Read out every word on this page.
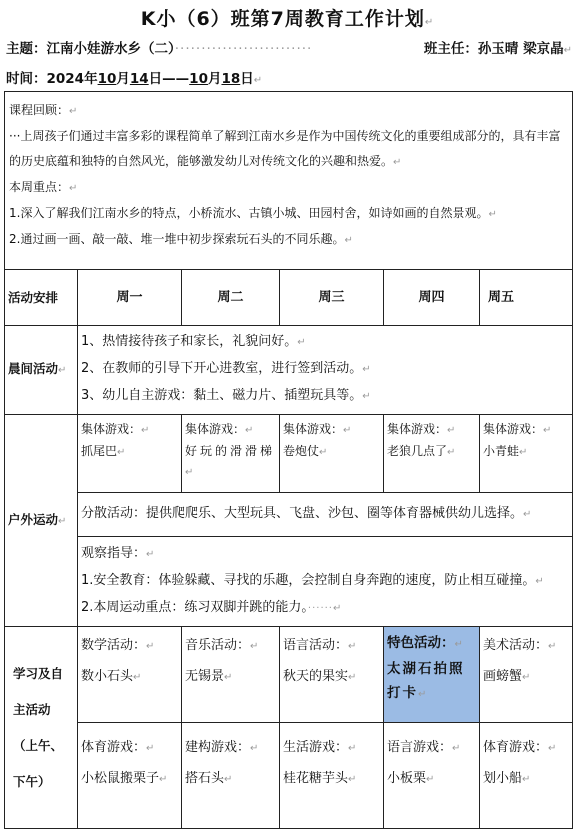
K小（6）班第7周教育工作计划↵
主题：江南小娃游水乡（二）··························	班主任：孙玉晴 梁京晶↵
时间：2024年10月14日——10月18日↵
课程回顾：↵
···上周孩子们通过丰富多彩的课程简单了解到江南水乡是作为中国传统文化的重要组成部分的，具有丰富的历史底蕴和独特的自然风光，能够激发幼儿对传统文化的兴趣和热爱。↵
本周重点：↵
1.深入了解我们江南水乡的特点，小桥流水、古镇小城、田园村舍，如诗如画的自然景观。↵
2.通过画一画、敲一敲、堆一堆中初步探索玩石头的不同乐趣。↵					

活动安排	周一	周二	周三	周四	周五
晨间活动↵	1、热情接待孩子和家长，礼貌问好。↵
2、在教师的引导下开心进教室，进行签到活动。↵
3、幼儿自主游戏：黏土、磁力片、插塑玩具等。↵				

户外运动↵	集体游戏：↵
抓尾巴↵	集体游戏：↵
好玩的滑滑梯↵	集体游戏：↵
卷炮仗↵	集体游戏：↵
老狼几点了↵	集体游戏：↵
小青蛙↵

	分散活动：提供爬爬乐、大型玩具、飞盘、沙包、圈等体育器械供幼儿选择。↵				

	观察指导：↵
1.安全教育：体验躲藏、寻找的乐趣，会控制自身奔跑的速度，防止相互碰撞。↵
2.本周运动重点：练习双脚并跳的能力。······↵				

学习及自
主活动
（上午、
下午）	数学活动：↵
数小石头↵	音乐活动：↵
无锡景↵	语言活动：↵
秋天的果实↵	特色活动：↵
太湖石拍照打卡↵	美术活动：↵
画螃蟹↵

	体育游戏：↵
小松鼠搬栗子↵	建构游戏：↵
搭石头↵	生活游戏：↵
桂花糖芋头↵	语言游戏：↵
小板栗↵	体育游戏：↵
划小船↵
